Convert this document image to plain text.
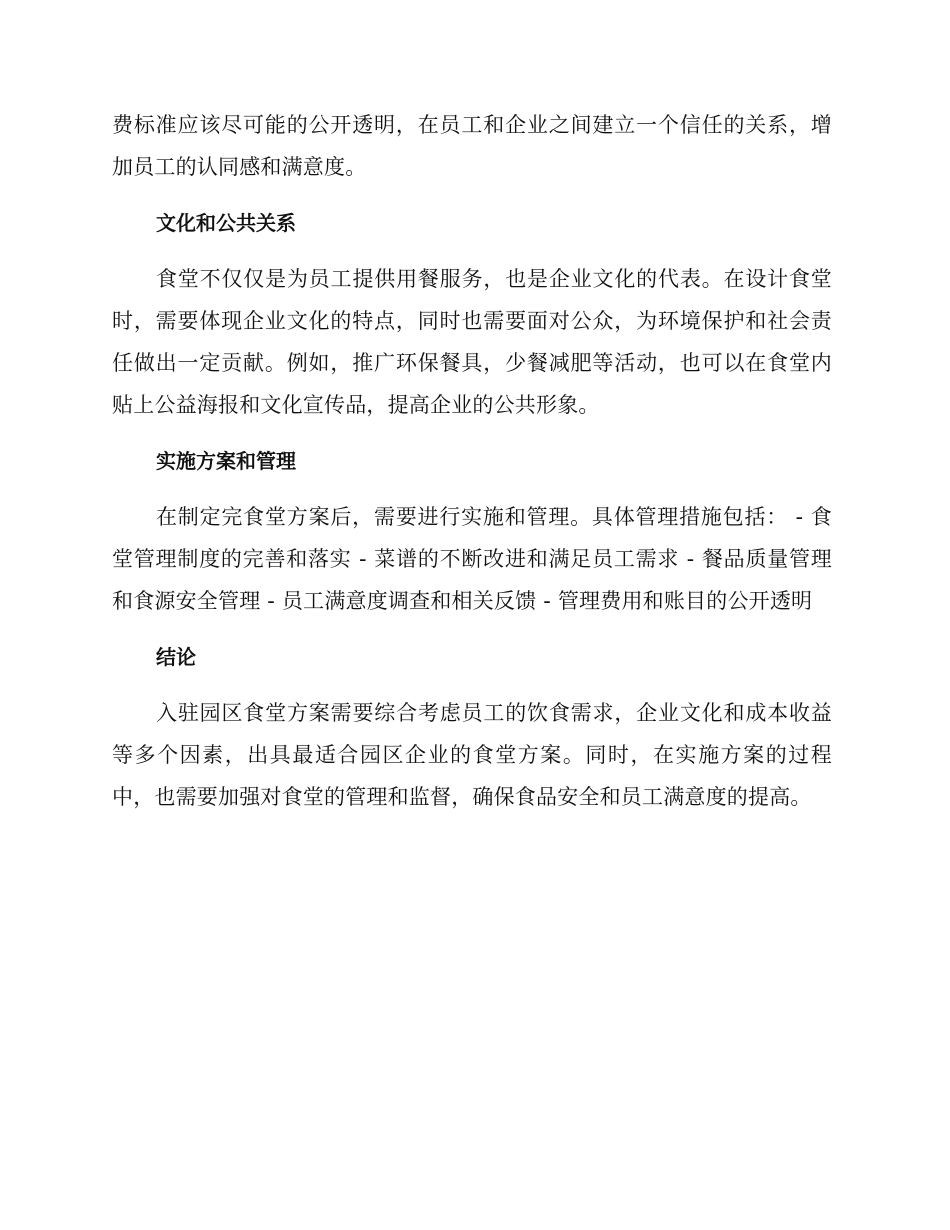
费标准应该尽可能的公开透明，在员工和企业之间建立一个信任的关系，增加员工的认同感和满意度。

文化和公共关系

食堂不仅仅是为员工提供用餐服务，也是企业文化的代表。在设计食堂时，需要体现企业文化的特点，同时也需要面对公众，为环境保护和社会责任做出一定贡献。例如，推广环保餐具，少餐减肥等活动，也可以在食堂内贴上公益海报和文化宣传品，提高企业的公共形象。

实施方案和管理

在制定完食堂方案后，需要进行实施和管理。具体管理措施包括： - 食堂管理制度的完善和落实 - 菜谱的不断改进和满足员工需求 - 餐品质量管理和食源安全管理 - 员工满意度调查和相关反馈 - 管理费用和账目的公开透明

结论

入驻园区食堂方案需要综合考虑员工的饮食需求，企业文化和成本收益等多个因素，出具最适合园区企业的食堂方案。同时，在实施方案的过程中，也需要加强对食堂的管理和监督，确保食品安全和员工满意度的提高。
